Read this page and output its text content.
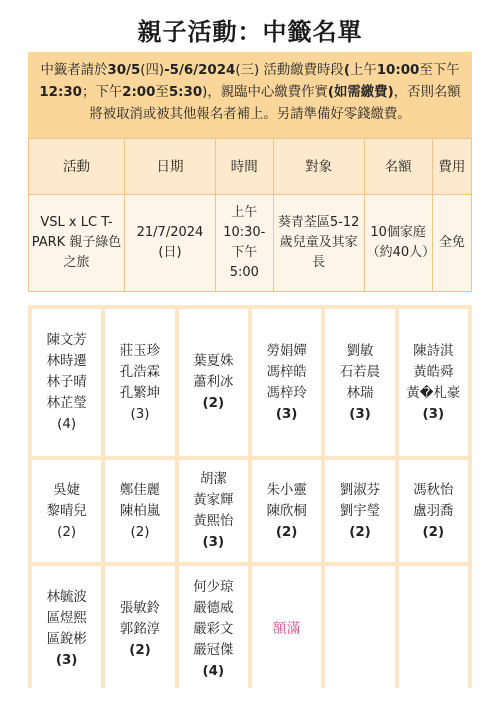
親子活動：中籤名單
中籤者請於30/5(四)-5/6/2024(三) 活動繳費時段(上午10:00至下午12:30；下午2:00至5:30)，親臨中心繳費作實(如需繳費)，否則名額將被取消或被其他報名者補上。另請準備好零錢繳費。
活動	日期	時間	對象	名額	費用
VSL x LC T-PARK 親子綠色之旅	21/7/2024 (日)	上午 10:30-下午 5:00	葵青荃區5-12歲兒童及其家長	10個家庭（約40人）	全免
陳文芳
林時遷
林子晴
林芷瑩
(4)
莊玉珍
孔浩霖
孔繁坤
(3)
葉夏姝
蕭利冰
(2)
勞娟嬋
馮梓皓
馮梓玲
(3)
劉敏
石若晨
林瑞
(3)
陳詩淇
黃皓舜
黃�札豪
(3)
吳婕
黎晴兒
(2)
鄭佳麗
陳柏嵐
(2)
胡潔
黃家輝
黃熙怡
(3)
朱小靈
陳欣桐
(2)
劉淑芬
劉宇瑩
(2)
馮秋怡
盧羽喬
(2)
林毓波
區煜熙
區銳彬
(3)
張敏鈴
郭銘淳
(2)
何少琼
嚴德威
嚴彩文
嚴冠傑
(4)
額滿
